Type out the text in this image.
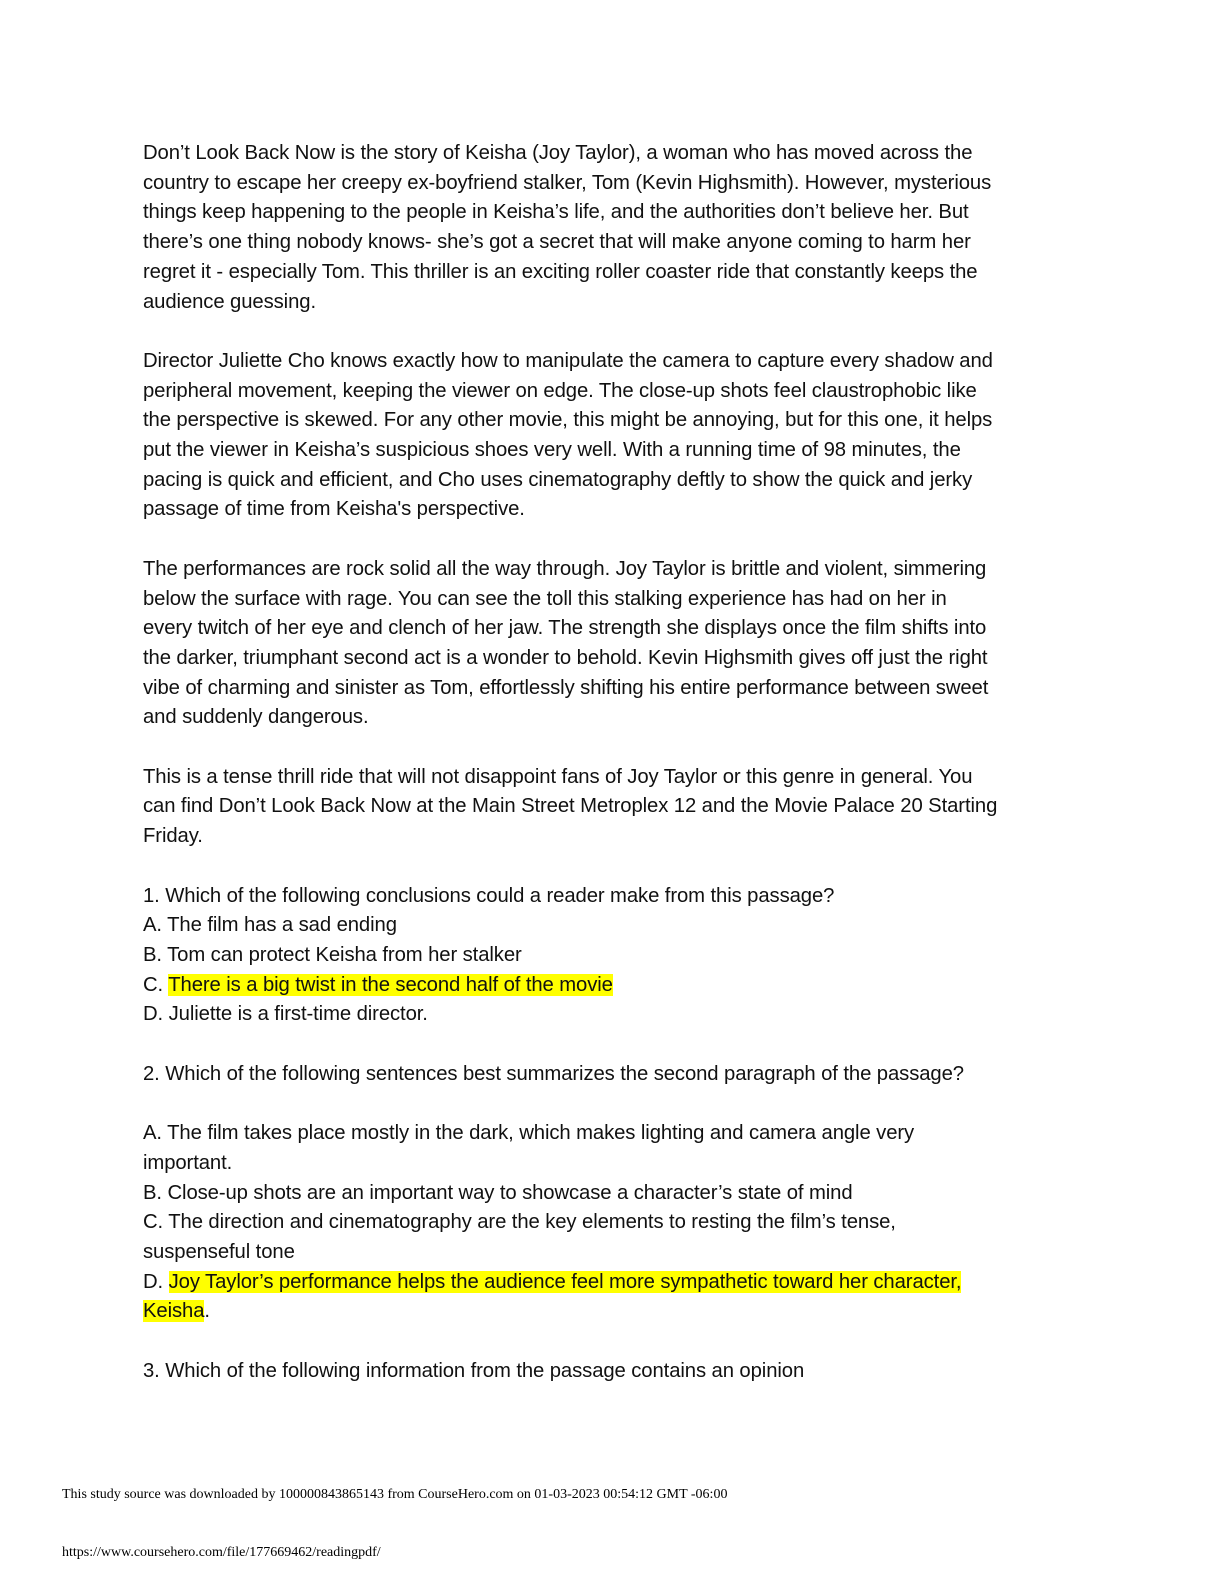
Don’t Look Back Now is the story of Keisha (Joy Taylor), a woman who has moved across the
country to escape her creepy ex-boyfriend stalker, Tom (Kevin Highsmith). However, mysterious
things keep happening to the people in Keisha’s life, and the authorities don’t believe her. But
there’s one thing nobody knows- she’s got a secret that will make anyone coming to harm her
regret it - especially Tom. This thriller is an exciting roller coaster ride that constantly keeps the
audience guessing.
Director Juliette Cho knows exactly how to manipulate the camera to capture every shadow and
peripheral movement, keeping the viewer on edge. The close-up shots feel claustrophobic like
the perspective is skewed. For any other movie, this might be annoying, but for this one, it helps
put the viewer in Keisha’s suspicious shoes very well. With a running time of 98 minutes, the
pacing is quick and efficient, and Cho uses cinematography deftly to show the quick and jerky
passage of time from Keisha's perspective.
The performances are rock solid all the way through. Joy Taylor is brittle and violent, simmering
below the surface with rage. You can see the toll this stalking experience has had on her in
every twitch of her eye and clench of her jaw. The strength she displays once the film shifts into
the darker, triumphant second act is a wonder to behold. Kevin Highsmith gives off just the right
vibe of charming and sinister as Tom, effortlessly shifting his entire performance between sweet
and suddenly dangerous.
This is a tense thrill ride that will not disappoint fans of Joy Taylor or this genre in general. You
can find Don’t Look Back Now at the Main Street Metroplex 12 and the Movie Palace 20 Starting
Friday.
1. Which of the following conclusions could a reader make from this passage?
A. The film has a sad ending
B. Tom can protect Keisha from her stalker
C. There is a big twist in the second half of the movie
D. Juliette is a first-time director.
2. Which of the following sentences best summarizes the second paragraph of the passage?
A. The film takes place mostly in the dark, which makes lighting and camera angle very
important.
B. Close-up shots are an important way to showcase a character’s state of mind
C. The direction and cinematography are the key elements to resting the film’s tense,
suspenseful tone
D. Joy Taylor’s performance helps the audience feel more sympathetic toward her character,
Keisha.
3. Which of the following information from the passage contains an opinion
This study source was downloaded by 100000843865143 from CourseHero.com on 01-03-2023 00:54:12 GMT -06:00
https://www.coursehero.com/file/177669462/readingpdf/
